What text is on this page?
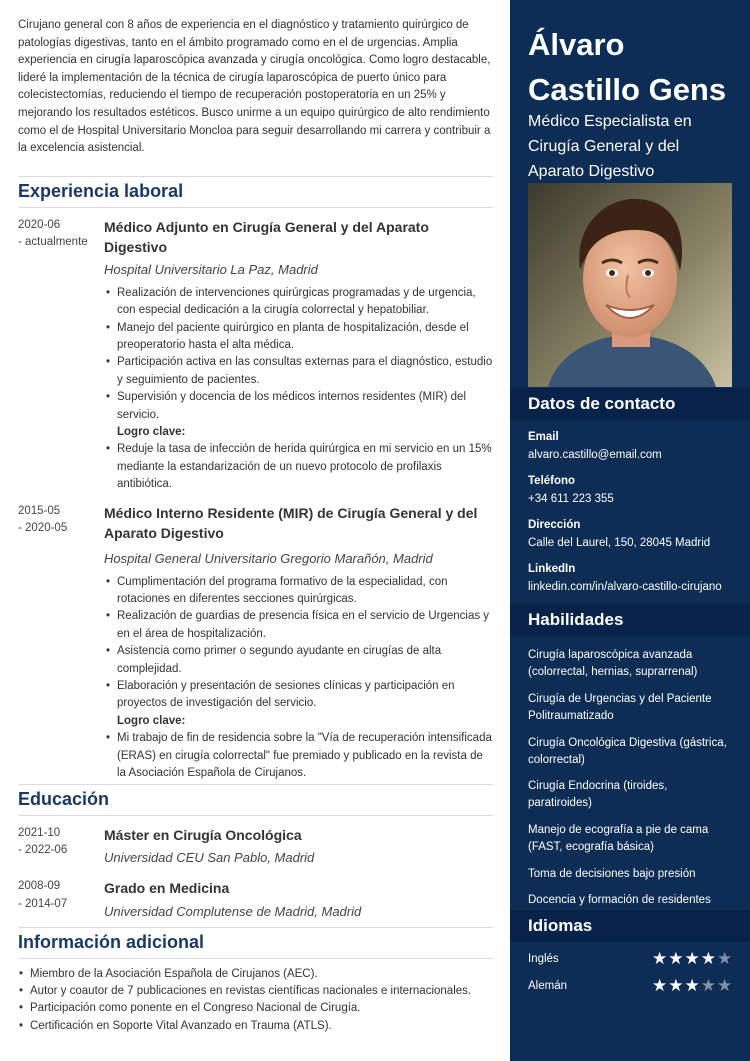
Cirujano general con 8 años de experiencia en el diagnóstico y tratamiento quirúrgico de patologías digestivas, tanto en el ámbito programado como en el de urgencias. Amplia experiencia en cirugía laparoscópica avanzada y cirugía oncológica. Como logro destacable, lideré la implementación de la técnica de cirugía laparoscópica de puerto único para colecistectomías, reduciendo el tiempo de recuperación postoperatoria en un 25% y mejorando los resultados estéticos. Busco unirme a un equipo quirúrgico de alto rendimiento como el de Hospital Universitario Moncloa para seguir desarrollando mi carrera y contribuir a la excelencia asistencial.

Experiencia laboral
2020-06
- actualmente
Médico Adjunto en Cirugía General y del Aparato Digestivo
Hospital Universitario La Paz, Madrid
• Realización de intervenciones quirúrgicas programadas y de urgencia, con especial dedicación a la cirugía colorrectal y hepatobiliar.
• Manejo del paciente quirúrgico en planta de hospitalización, desde el preoperatorio hasta el alta médica.
• Participación activa en las consultas externas para el diagnóstico, estudio y seguimiento de pacientes.
• Supervisión y docencia de los médicos internos residentes (MIR) del servicio.
Logro clave:
• Reduje la tasa de infección de herida quirúrgica en mi servicio en un 15% mediante la estandarización de un nuevo protocolo de profilaxis antibiótica.
2015-05
- 2020-05
Médico Interno Residente (MIR) de Cirugía General y del Aparato Digestivo
Hospital General Universitario Gregorio Marañón, Madrid
• Cumplimentación del programa formativo de la especialidad, con rotaciones en diferentes secciones quirúrgicas.
• Realización de guardias de presencia física en el servicio de Urgencias y en el área de hospitalización.
• Asistencia como primer o segundo ayudante en cirugías de alta complejidad.
• Elaboración y presentación de sesiones clínicas y participación en proyectos de investigación del servicio.
Logro clave:
• Mi trabajo de fin de residencia sobre la "Vía de recuperación intensificada (ERAS) en cirugía colorrectal" fue premiado y publicado en la revista de la Asociación Española de Cirujanos.
Educación
2021-10
- 2022-06
Máster en Cirugía Oncológica
Universidad CEU San Pablo, Madrid
2008-09
- 2014-07
Grado en Medicina
Universidad Complutense de Madrid, Madrid
Información adicional
• Miembro de la Asociación Española de Cirujanos (AEC).
• Autor y coautor de 7 publicaciones en revistas científicas nacionales e internacionales.
• Participación como ponente en el Congreso Nacional de Cirugía.
• Certificación en Soporte Vital Avanzado en Trauma (ATLS).
Álvaro Castillo Gens
Médico Especialista en Cirugía General y del Aparato Digestivo
Datos de contacto
Email
alvaro.castillo@email.com
Teléfono
+34 611 223 355
Dirección
Calle del Laurel, 150, 28045 Madrid
LinkedIn
linkedin.com/in/alvaro-castillo-cirujano
Habilidades
Cirugía laparoscópica avanzada (colorrectal, hernias, suprarrenal)
Cirugía de Urgencias y del Paciente Politraumatizado
Cirugía Oncológica Digestiva (gástrica, colorrectal)
Cirugía Endocrina (tiroides, paratiroides)
Manejo de ecografía a pie de cama (FAST, ecografía básica)
Toma de decisiones bajo presión
Docencia y formación de residentes
Idiomas
Inglés	★★★★★
Alemán	★★★★★
